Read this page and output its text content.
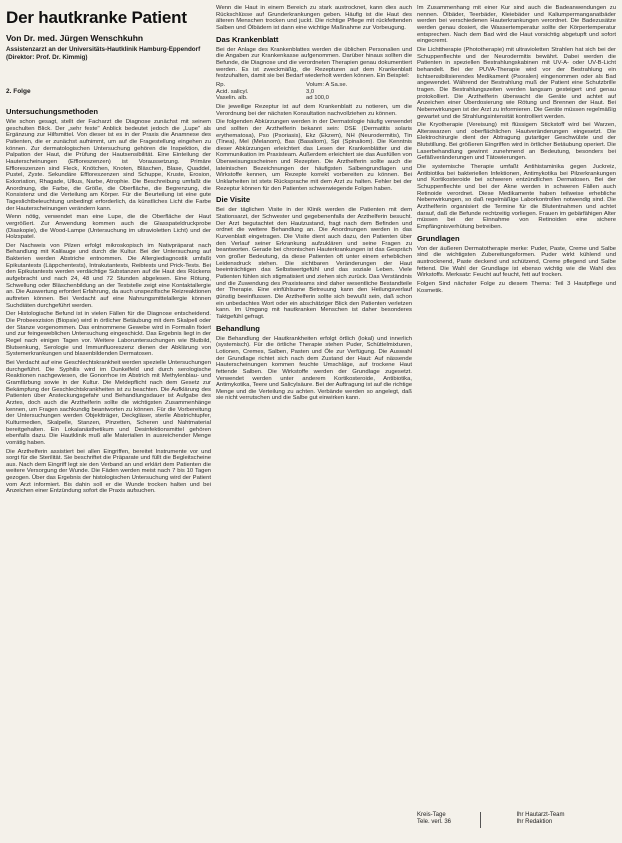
Der hautkranke Patient
Von Dr. med. Jürgen Wenschkuhn
Assistenzarzt an der Universitäts-Hautklinik Hamburg-Eppendorf (Direktor: Prof. Dr. Kimmig)
2. Folge
Untersuchungsmethoden

Wie schon gesagt, stellt der Facharzt die Diagnose zunächst mit seinem geschulten Blick. Der „sehr feste" Anblick bedeutet jedoch die „Lupe" als Ergänzung zur Hilfsmittel. Von dieser ist es in der Praxis die Anamnese des Patienten, die er zunächst aufnimmt, um auf die Fragestellung eingehen zu können. Zur dermatologischen Untersuchung gehören die Inspektion, die Palpation der Haut, die Prüfung der Hautsensibilität. Eine Einteilung der Hauterscheinungen (Effloreszenzen) ist Voraussetzung. Primäre Effloreszenzen sind Fleck, Knötchen, Knoten, Bläschen, Blase, Quaddel, Pustel, Zyste. Sekundäre Effloreszenzen sind Schuppe, Kruste, Erosion, Exkoriation, Rhagade, Ulkus, Narbe, Atrophie. Die Beschreibung umfaßt die Anordnung, die Farbe, die Größe, die Oberfläche, die Begrenzung, die Konsistenz und die Verteilung am Körper. Für die Beurteilung ist eine gute Tageslichtbeleuchtung unbedingt erforderlich, da künstliches Licht die Farbe der Hauterscheinungen verändern kann.

Wenn nötig, verwendet man eine Lupe, die die Oberfläche der Haut vergrößert. Zur Anwendung kommen auch die Glasspateldruckprobe (Diaskopie), die Wood-Lampe (Untersuchung im ultravioletten Licht) und der Holzspatel.

Der Nachweis von Pilzen erfolgt mikroskopisch im Nativpräparat nach Behandlung mit Kalilauge und durch die Kultur. Bei der Untersuchung auf Bakterien werden Abstriche entnommen. Die Allergiediagnostik umfaßt Epikutantests (Läppchentests), Intrakutantests, Reibtests und Prick-Tests. Bei den Epikutantests werden verdächtige Substanzen auf die Haut des Rückens aufgebracht und nach 24, 48 und 72 Stunden abgelesen. Eine Rötung, Schwellung oder Bläschenbildung an der Teststelle zeigt eine Kontaktallergie an. Die Auswertung erfordert Erfahrung, da auch unspezifische Reizreaktionen auftreten können. Bei Verdacht auf eine Nahrungsmittelallergie können Suchdiäten durchgeführt werden.

Der Histologische Befund ist in vielen Fällen für die Diagnose entscheidend. Die Probeexzision (Biopsie) wird in örtlicher Betäubung mit dem Skalpell oder der Stanze vorgenommen. Das entnommene Gewebe wird in Formalin fixiert und zur feingeweblichen Untersuchung eingeschickt. Das Ergebnis liegt in der Regel nach einigen Tagen vor. Weitere Laboruntersuchungen wie Blutbild, Blutsenkung, Serologie und Immunfluoreszenz dienen der Abklärung von Systemerkrankungen und blasenbildenden Dermatosen.

Bei Verdacht auf eine Geschlechtskrankheit werden spezielle Untersuchungen durchgeführt. Die Syphilis wird im Dunkelfeld und durch serologische Reaktionen nachgewiesen, die Gonorrhoe im Abstrich mit Methylenblau- und Gramfärbung sowie in der Kultur. Die Meldepflicht nach dem Gesetz zur Bekämpfung der Geschlechtskrankheiten ist zu beachten. Die Aufklärung des Patienten über Ansteckungsgefahr und Behandlungsdauer ist Aufgabe des Arztes, doch auch die Arzthelferin sollte die wichtigsten Zusammenhänge kennen, um Fragen sachkundig beantworten zu können. Für die Vorbereitung der Untersuchungen werden Objektträger, Deckgläser, sterile Abstrichtupfer, Kulturmedien, Skalpelle, Stanzen, Pinzetten, Scheren und Nahtmaterial bereitgehalten. Ein Lokalanästhetikum und Desinfektionsmittel gehören ebenfalls dazu. Die Hautklinik muß alle Materialien in ausreichender Menge vorrätig haben.

Die Arzthelferin assistiert bei allen Eingriffen, bereitet Instrumente vor und sorgt für die Sterilität. Sie beschriftet die Präparate und füllt die Begleitscheine aus. Nach dem Eingriff legt sie den Verband an und erklärt dem Patienten die weitere Versorgung der Wunde. Die Fäden werden meist nach 7 bis 10 Tagen gezogen. Über das Ergebnis der histologischen Untersuchung wird der Patient vom Arzt informiert. Bis dahin soll er die Wunde trocken halten und bei Anzeichen einer Entzündung sofort die Praxis aufsuchen.

Wenn die Haut in einem Bereich zu stark austrocknet, kann dies auch Rückschlüsse auf Grunderkrankungen geben. Häufig ist die Haut des älteren Menschen trocken und juckt. Die richtige Pflege mit rückfettenden Salben und Ölbädern ist dann eine wichtige Maßnahme zur Vorbeugung.

Das Krankenblatt

Bei der Anlage des Krankenblattes werden die üblichen Personalien und die Angaben zur Krankenkasse aufgenommen. Darüber hinaus sollten die Befunde, die Diagnose und die verordneten Therapien genau dokumentiert werden. Es ist zweckmäßig, die Rezepturen auf dem Krankenblatt festzuhalten, damit sie bei Bedarf wiederholt werden können. Ein Beispiel:

Rp.
Acid. salicyl.
Vaselin. alb.
Volum: A Sa.se.
3,0
ad 100,0

Die jeweilige Rezeptur ist auf dem Krankenblatt zu notieren, um die Verordnung bei der nächsten Konsultation nachvollziehen zu können.

Die folgenden Abkürzungen werden in der Dermatologie häufig verwendet und sollten der Arzthelferin bekannt sein: DSE (Dermatitis solaris erythematosa), Pso (Psoriasis), Ekz (Ekzem), NH (Neurodermitis), Tin (Tinea), Mel (Melanom), Bas (Basaliom), Spi (Spinaliom). Die Kenntnis dieser Abkürzungen erleichtert das Lesen der Krankenblätter und die Kommunikation im Praxisteam. Außerdem erleichtert sie das Ausfüllen von Überweisungsscheinen und Rezepten. Die Arzthelferin sollte auch die lateinischen Bezeichnungen der häufigsten Salbengrundlagen und Wirkstoffe kennen, um Rezepte korrekt vorbereiten zu können. Bei Unklarheiten ist stets Rücksprache mit dem Arzt zu halten. Fehler bei der Rezeptur können für den Patienten schwerwiegende Folgen haben.

Die Visite

Bei der täglichen Visite in der Klinik werden die Patienten mit dem Stationsarzt, der Schwester und gegebenenfalls der Arzthelferin besucht. Der Arzt begutachtet den Hautzustand, fragt nach dem Befinden und ordnet die weitere Behandlung an. Die Anordnungen werden in das Kurvenblatt eingetragen. Die Visite dient auch dazu, den Patienten über den Verlauf seiner Erkrankung aufzuklären und seine Fragen zu beantworten. Gerade bei chronischen Hauterkrankungen ist das Gespräch von großer Bedeutung, da diese Patienten oft unter einem erheblichen Leidensdruck stehen. Die sichtbaren Veränderungen der Haut beeinträchtigen das Selbstwertgefühl und das soziale Leben. Viele Patienten fühlen sich stigmatisiert und ziehen sich zurück. Das Verständnis und die Zuwendung des Praxisteams sind daher wesentliche Bestandteile der Therapie. Eine einfühlsame Betreuung kann den Heilungsverlauf günstig beeinflussen. Die Arzthelferin sollte sich bewußt sein, daß schon ein unbedachtes Wort oder ein abschätziger Blick den Patienten verletzen kann. Im Umgang mit hautkranken Menschen ist daher besonderes Taktgefühl gefragt.

Behandlung

Die Behandlung der Hautkrankheiten erfolgt örtlich (lokal) und innerlich (systemisch). Für die örtliche Therapie stehen Puder, Schüttelmixturen, Lotionen, Cremes, Salben, Pasten und Öle zur Verfügung. Die Auswahl der Grundlage richtet sich nach dem Zustand der Haut: Auf nässende Hauterscheinungen kommen feuchte Umschläge, auf trockene Haut fettende Salben. Die Wirkstoffe werden der Grundlage zugesetzt. Verwendet werden unter anderem Kortikosteroide, Antibiotika, Antimykotika, Teere und Salicylsäure. Bei der Auftragung ist auf die richtige Menge und die Verteilung zu achten. Verbände werden so angelegt, daß sie nicht verrutschen und die Salbe gut einwirken kann.

Im Zusammenhang mit einer Kur sind auch die Badeanwendungen zu nennen. Ölbäder, Teerbäder, Kleiebäder und Kaliumpermanganatbäder werden bei verschiedenen Hauterkrankungen verordnet. Die Badezusätze werden genau dosiert, die Wassertemperatur sollte der Körpertemperatur entsprechen. Nach dem Bad wird die Haut vorsichtig abgetupft und sofort eingecremt.

Die Lichttherapie (Phototherapie) mit ultravioletten Strahlen hat sich bei der Schuppenflechte und der Neurodermitis bewährt. Dabei werden die Patienten in speziellen Bestrahlungskabinen mit UV-A- oder UV-B-Licht behandelt. Bei der PUVA-Therapie wird vor der Bestrahlung ein lichtsensibilisierendes Medikament (Psoralen) eingenommen oder als Bad angewendet. Während der Bestrahlung muß der Patient eine Schutzbrille tragen. Die Bestrahlungszeiten werden langsam gesteigert und genau protokolliert. Die Arzthelferin überwacht die Geräte und achtet auf Anzeichen einer Überdosierung wie Rötung und Brennen der Haut. Bei Nebenwirkungen ist der Arzt zu informieren. Die Geräte müssen regelmäßig gewartet und die Strahlungsintensität kontrolliert werden.

Die Kryotherapie (Vereisung) mit flüssigem Stickstoff wird bei Warzen, Alterswarzen und oberflächlichen Hautveränderungen eingesetzt. Die Elektrochirurgie dient der Abtragung gutartiger Geschwülste und der Blutstillung. Bei größeren Eingriffen wird in örtlicher Betäubung operiert. Die Laserbehandlung gewinnt zunehmend an Bedeutung, besonders bei Gefäßveränderungen und Tätowierungen.

Die systemische Therapie umfaßt Antihistaminika gegen Juckreiz, Antibiotika bei bakteriellen Infektionen, Antimykotika bei Pilzerkrankungen und Kortikosteroide bei schweren entzündlichen Dermatosen. Bei der Schuppenflechte und bei der Akne werden in schweren Fällen auch Retinoide verordnet. Diese Medikamente haben teilweise erhebliche Nebenwirkungen, so daß regelmäßige Laborkontrollen notwendig sind. Die Arzthelferin organisiert die Termine für die Blutentnahmen und achtet darauf, daß die Befunde rechtzeitig vorliegen. Frauen im gebärfähigen Alter müssen bei der Einnahme von Retinoiden eine sichere Empfängnisverhütung betreiben.

Grundlagen

Von der äußeren Dermatotherapie merke: Puder, Paste, Creme und Salbe sind die wichtigsten Zubereitungsformen. Puder wirkt kühlend und austrocknend, Paste deckend und schützend, Creme pflegend und Salbe fettend. Die Wahl der Grundlage ist ebenso wichtig wie die Wahl des Wirkstoffs. Merksatz: Feucht auf feucht, fett auf trocken.

Folgen Sind nächster Folge zu diesem Thema: Teil 3 Hautpflege und Kosmetik.

Kreis-Tage
Tele. verl. 36
Ihr Hautarzt-Team
Ihr Redaktion
